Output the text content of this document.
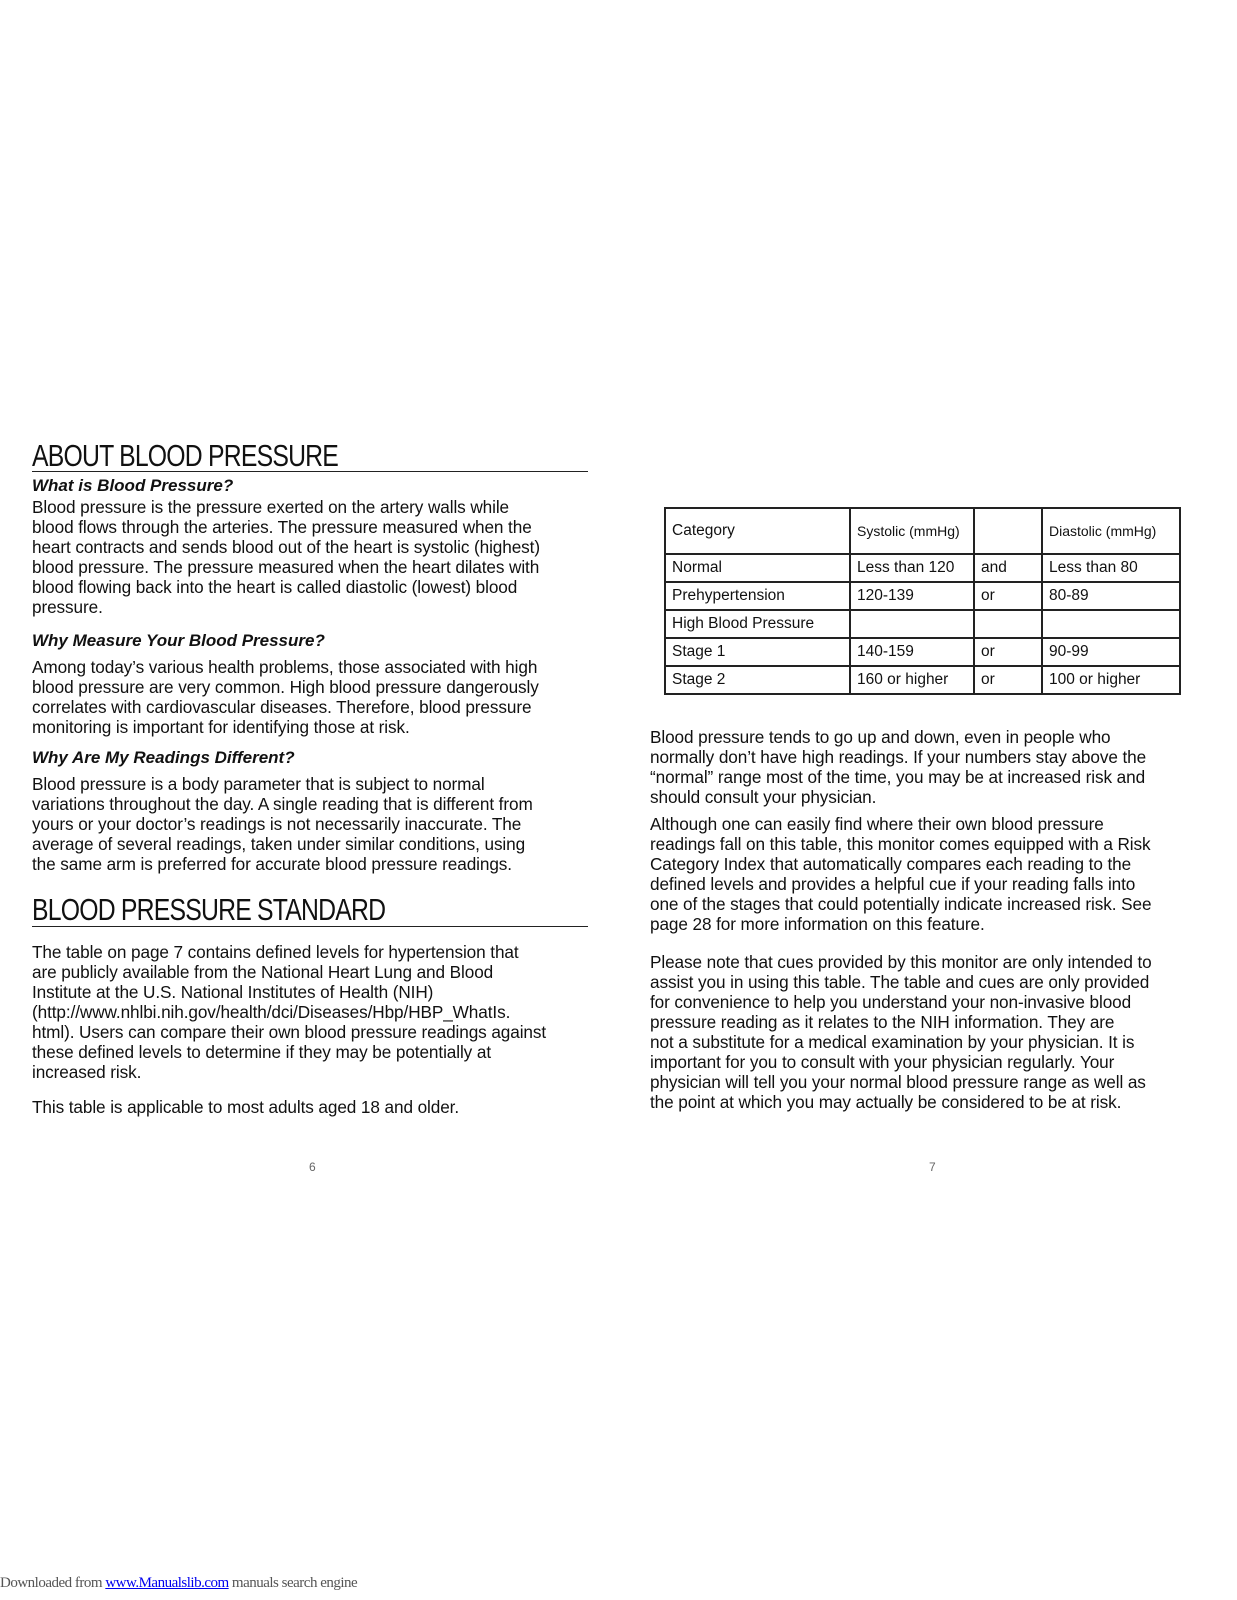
ABOUT BLOOD PRESSURE
What is Blood Pressure?
Blood pressure is the pressure exerted on the artery walls while
blood flows through the arteries. The pressure measured when the
heart contracts and sends blood out of the heart is systolic (highest)
blood pressure. The pressure measured when the heart dilates with
blood flowing back into the heart is called diastolic (lowest) blood
pressure.
Why Measure Your Blood Pressure?
Among today’s various health problems, those associated with high
blood pressure are very common. High blood pressure dangerously
correlates with cardiovascular diseases. Therefore, blood pressure
monitoring is important for identifying those at risk.
Why Are My Readings Different?
Blood pressure is a body parameter that is subject to normal
variations throughout the day. A single reading that is different from
yours or your doctor’s readings is not necessarily inaccurate. The
average of several readings, taken under similar conditions, using
the same arm is preferred for accurate blood pressure readings.
BLOOD PRESSURE STANDARD
The table on page 7 contains defined levels for hypertension that
are publicly available from the National Heart Lung and Blood
Institute at the U.S. National Institutes of Health (NIH)
(http://www.nhlbi.nih.gov/health/dci/Diseases/Hbp/HBP_WhatIs.
html). Users can compare their own blood pressure readings against
these defined levels to determine if they may be potentially at
increased risk.
This table is applicable to most adults aged 18 and older.
6
Category	Systolic (mmHg)		Diastolic (mmHg)
Normal	Less than 120	and	Less than 80
Prehypertension	120-139	or	80-89
High Blood Pressure			
Stage 1	140-159	or	90-99
Stage 2	160 or higher	or	100 or higher
Blood pressure tends to go up and down, even in people who
normally don’t have high readings. If your numbers stay above the
“normal” range most of the time, you may be at increased risk and
should consult your physician.
Although one can easily find where their own blood pressure
readings fall on this table, this monitor comes equipped with a Risk
Category Index that automatically compares each reading to the
defined levels and provides a helpful cue if your reading falls into
one of the stages that could potentially indicate increased risk. See
page 28 for more information on this feature.
Please note that cues provided by this monitor are only intended to
assist you in using this table. The table and cues are only provided
for convenience to help you understand your non-invasive blood
pressure reading as it relates to the NIH information. They are
not a substitute for a medical examination by your physician. It is
important for you to consult with your physician regularly. Your
physician will tell you your normal blood pressure range as well as
the point at which you may actually be considered to be at risk.
7
Downloaded from www.Manualslib.com manuals search engine
